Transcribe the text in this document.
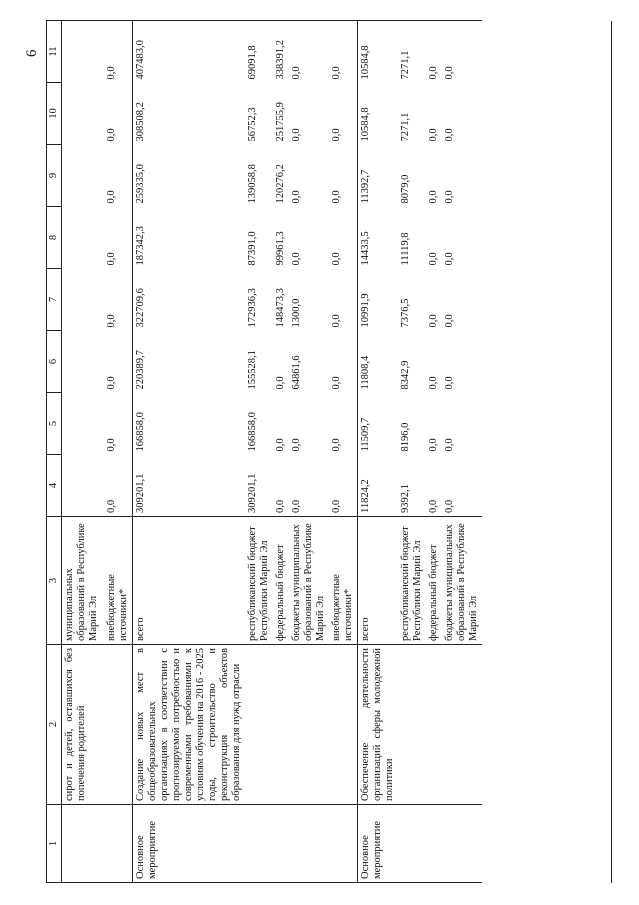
6
1	2	3	4	5	6	7	8	9	10	11
	сирот и детей, оставшихся без попечения родителей	муниципальных образований в Республике Марий Эл								
		внебюджетные источники*	0,0	0,0	0,0	0,0	0,0	0,0	0,0	0,0
Основное мероприятие	Создание новых мест в общеобразовательных организациях в соответствии с прогнозируемой потребностью и современными требованиями к условиям обучения на 2016 - 2025 годы, строительство и реконструкция объектов образования для нужд отрасли	всего	309201,1	166858,0	220389,7	322709,6	187342,3	259335,0	308508,2	407483,0
		республиканский бюджет Республики Марий Эл	309201,1	166858,0	155528,1	172936,3	87391,0	139058,8	56752,3	69091,8
		федеральный бюджет	0,0	0,0	0,0	148473,3	99961,3	120276,2	251755,9	338391,2
		бюджеты муниципальных образований в Республике Марий Эл	0,0	0,0	64861,6	1300,0	0,0	0,0	0,0	0,0
		внебюджетные источники*	0,0	0,0	0,0	0,0	0,0	0,0	0,0	0,0
Основное мероприятие	Обеспечение деятельности организаций сферы молодежной политики	всего	11824,2	11509,7	11808,4	10991,9	14433,5	11392,7	10584,8	10584,8
		республиканский бюджет Республики Марий Эл	9392,1	8196,0	8342,9	7376,5	11119,8	8079,0	7271,1	7271,1
		федеральный бюджет	0,0	0,0	0,0	0,0	0,0	0,0	0,0	0,0
		бюджеты муниципальных образований в Республике Марий Эл	0,0	0,0	0,0	0,0	0,0	0,0	0,0	0,0
